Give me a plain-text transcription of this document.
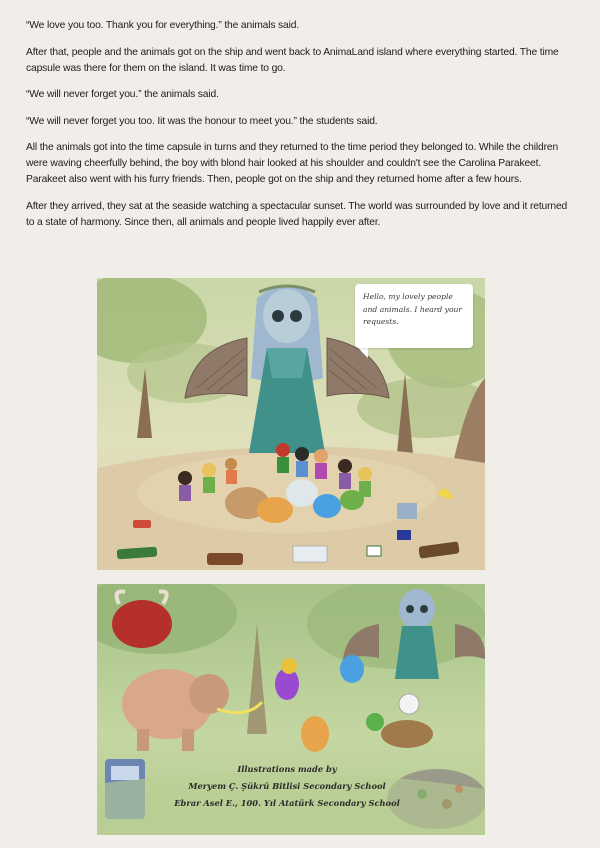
“We love you too. Thank you for everything.” the animals said.

After that, people and the animals got on the ship and went back to AnimaLand island where everything started. The time capsule was there for them on the island. It was time to go.

“We will never forget you.” the animals said.

“We will never forget you too. Iit was the honour to meet you.” the students said.

All the animals got into the time capsule in turns and they returned to the time period they belonged to. While the children were waving cheerfully behind, the boy with blond hair looked at his shoulder and couldn't see the Carolina Parakeet. Parakeet also went with his furry friends. Then, people got on the ship and they returned home after a few hours.

After they arrived, they sat at the seaside watching a spectacular sunset. The world was surrounded by love and it returned to a state of harmony. Since then, all animals and people lived happily ever after.

Hello, my lovely people and animals. I heard your requests.
Illustrations made by
Meryem Ç. Şükrü Bitlisi Secondary School
Ebrar Asel E., 100. Yıl Atatürk Secondary School
